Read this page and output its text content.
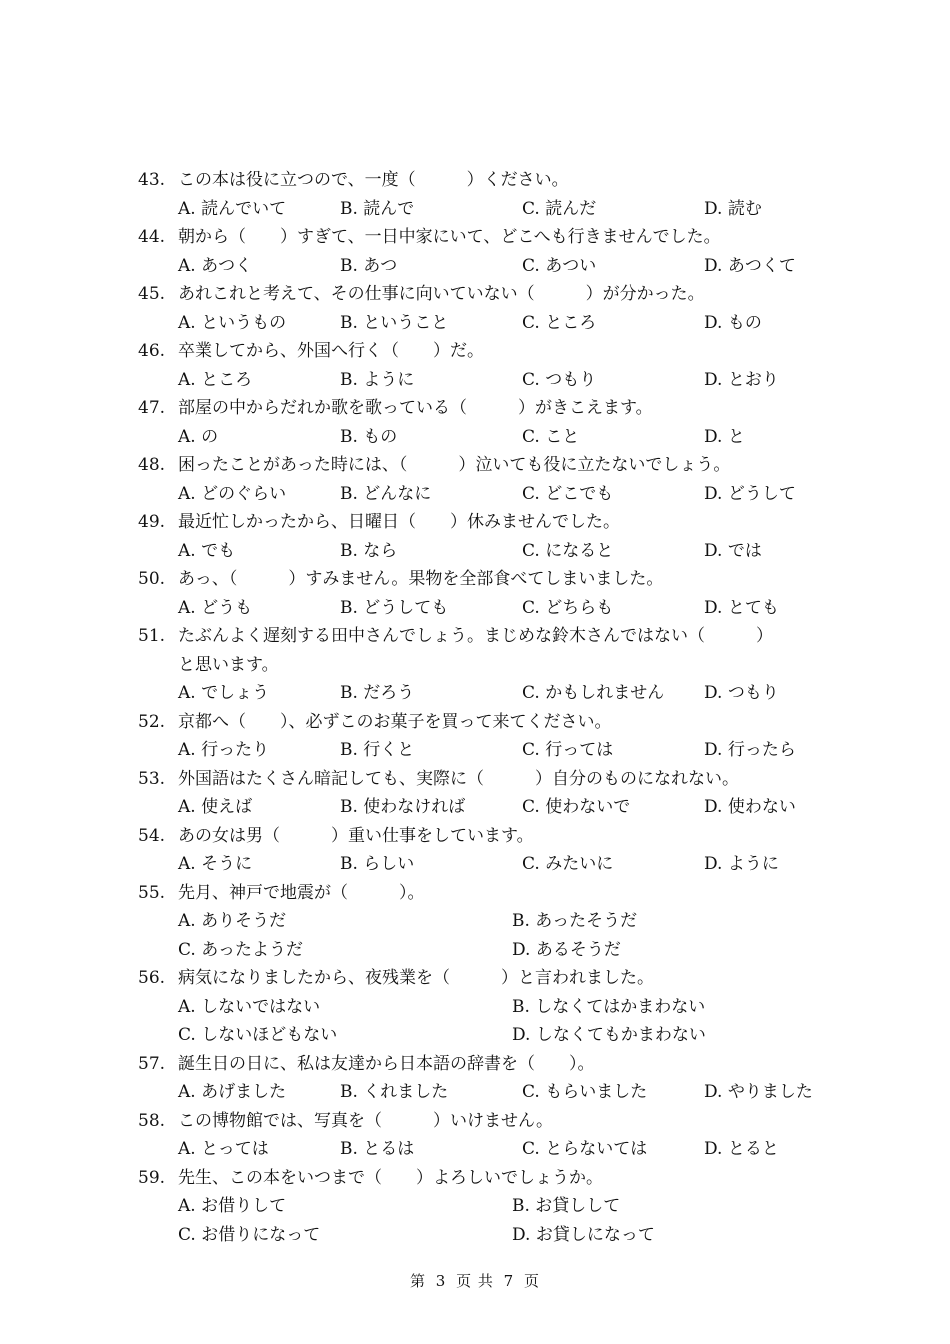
43. この本は役に立つので、一度（　　　）ください。
A. 読んでいて	B. 読んで	C. 読んだ	D. 読む
44. 朝から（　　）すぎて、一日中家にいて、どこへも行きませんでした。
A. あつく	B. あつ	C. あつい	D. あつくて
45. あれこれと考えて、その仕事に向いていない（　　　）が分かった。
A. というもの	B. ということ	C. ところ	D. もの
46. 卒業してから、外国へ行く（　　）だ。
A. ところ	B. ように	C. つもり	D. とおり
47. 部屋の中からだれか歌を歌っている（　　　）がきこえます。
A. の	B. もの	C. こと	D. と
48. 困ったことがあった時には、（　　　）泣いても役に立たないでしょう。
A. どのぐらい	B. どんなに	C. どこでも	D. どうして
49. 最近忙しかったから、日曜日（　　）休みませんでした。
A. でも	B. なら	C. になると	D. では
50. あっ、（　　　）すみません。果物を全部食べてしまいました。
A. どうも	B. どうしても	C. どちらも	D. とても
51. たぶんよく遅刻する田中さんでしょう。まじめな鈴木さんではない（　　　）
と思います。
A. でしょう	B. だろう	C. かもしれません D. つもり
52. 京都へ（　　）、必ずこのお菓子を買って来てください。
A. 行ったり	B. 行くと	C. 行っては	D. 行ったら
53. 外国語はたくさん暗記しても、実際に（　　　）自分のものになれない。
A. 使えば	B. 使わなければ	C. 使わないで	D. 使わない
54. あの女は男（　　　）重い仕事をしています。
A. そうに	B. らしい	C. みたいに	D. ように
55. 先月、神戸で地震が（　　　）。
A. ありそうだ	B. あったそうだ
C. あったようだ	D. あるそうだ
56. 病気になりましたから、夜残業を（　　　）と言われました。
A. しないではない	B. しなくてはかまわない
C. しないほどもない	D. しなくてもかまわない
57. 誕生日の日に、私は友達から日本語の辞書を（　　）。
A. あげました	B. くれました	C. もらいました	D. やりました
58. この博物館では、写真を（　　　）いけません。
A. とっては	B. とるは	C. とらないては	D. とると
59. 先生、この本をいつまで（　　）よろしいでしょうか。
A. お借りして	B. お貸しして
C. お借りになって	D. お貸しになって
第 3 页 共 7 页
